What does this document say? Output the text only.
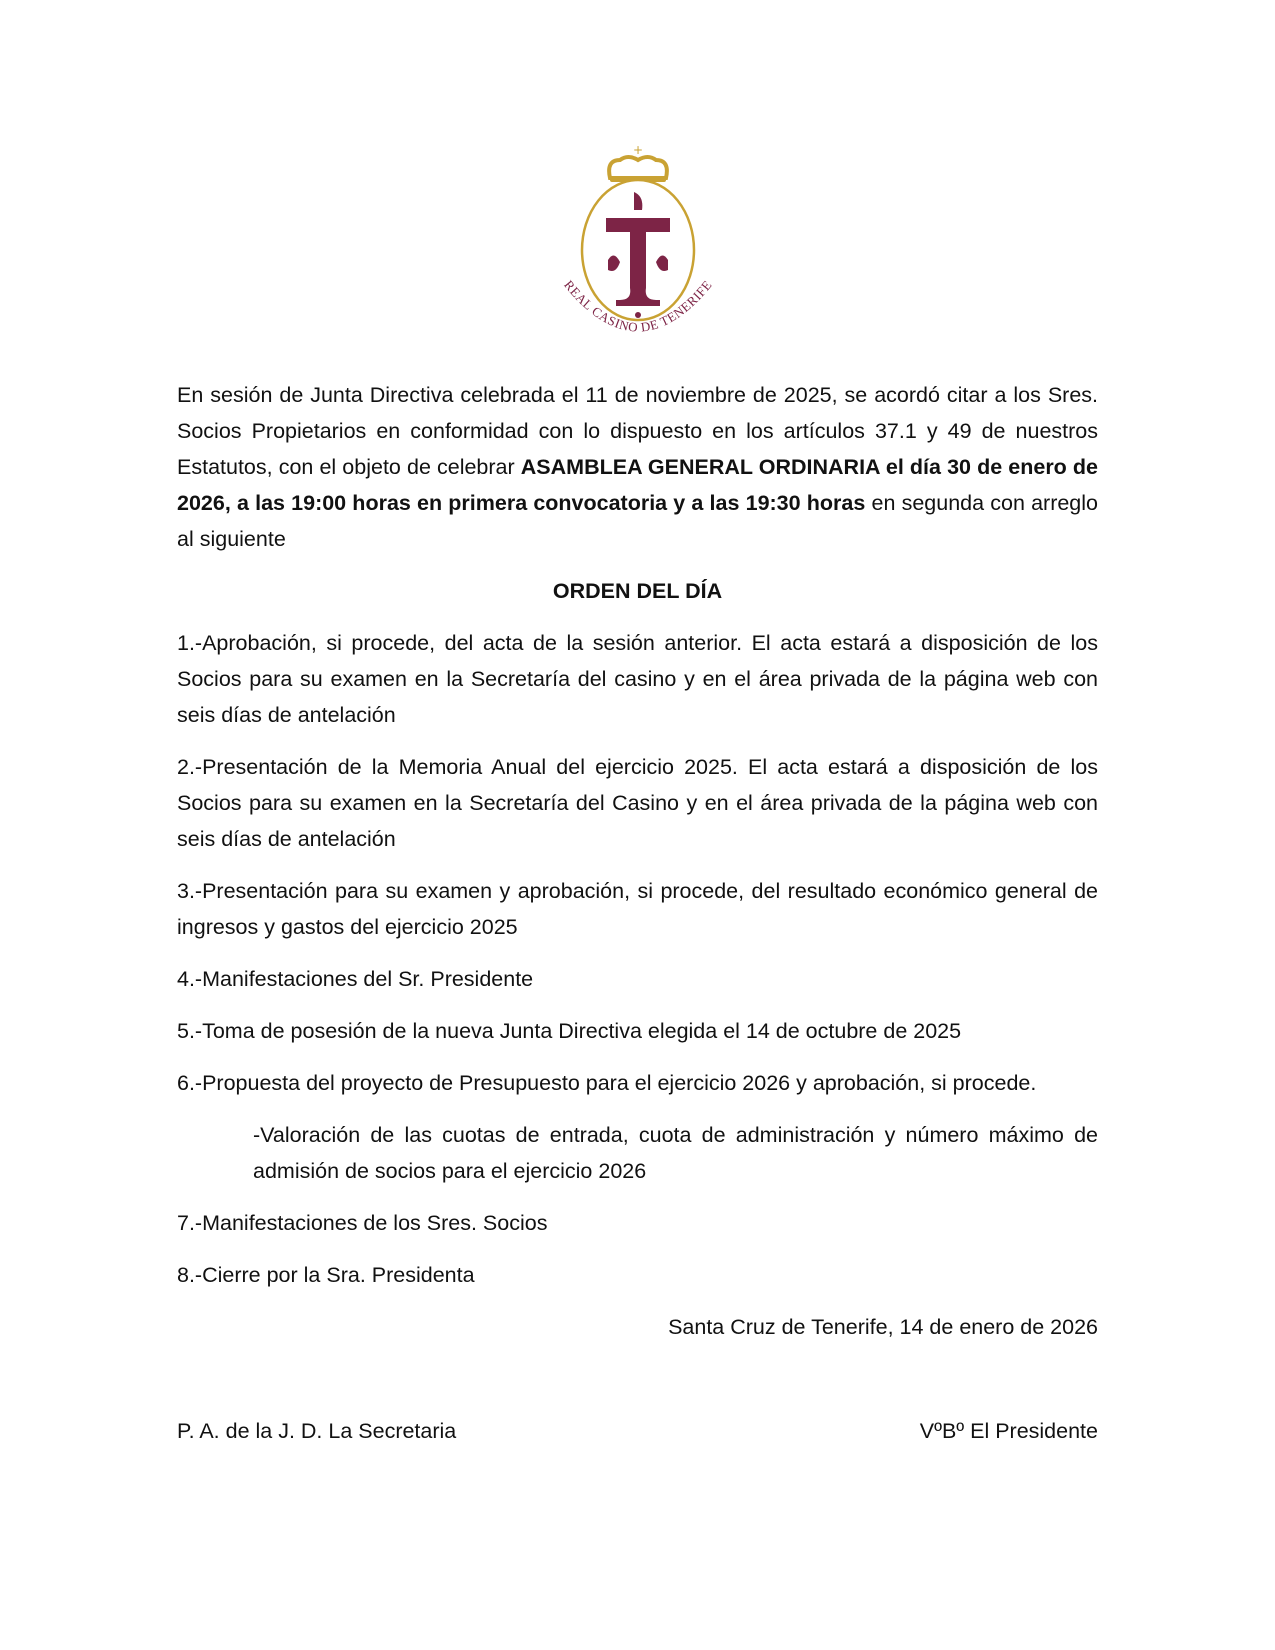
+
REAL CASINO DE TENERIFE

En sesión de Junta Directiva celebrada el 11 de noviembre de 2025, se acordó citar a los Sres. Socios Propietarios en conformidad con lo dispuesto en los artículos 37.1 y 49 de nuestros Estatutos, con el objeto de celebrar ASAMBLEA GENERAL ORDINARIA el día 30 de enero de 2026, a las 19:00 horas en primera convocatoria y a las 19:30 horas en segunda con arreglo al siguiente

ORDEN DEL DÍA

1.-Aprobación, si procede, del acta de la sesión anterior. El acta estará a disposición de los Socios para su examen en la Secretaría del casino y en el área privada de la página web con seis días de antelación

2.-Presentación de la Memoria Anual del ejercicio 2025. El acta estará a disposición de los Socios para su examen en la Secretaría del Casino y en el área privada de la página web con seis días de antelación

3.-Presentación para su examen y aprobación, si procede, del resultado económico general de ingresos y gastos del ejercicio 2025

4.-Manifestaciones del Sr. Presidente

5.-Toma de posesión de la nueva Junta Directiva elegida el 14 de octubre de 2025

6.-Propuesta del proyecto de Presupuesto para el ejercicio 2026 y aprobación, si procede.

-Valoración de las cuotas de entrada, cuota de administración y número máximo de admisión de socios para el ejercicio 2026

7.-Manifestaciones de los Sres. Socios

8.-Cierre por la Sra. Presidenta

Santa Cruz de Tenerife, 14 de enero de 2026

P. A. de la J. D. La Secretaria	VºBº El Presidente
